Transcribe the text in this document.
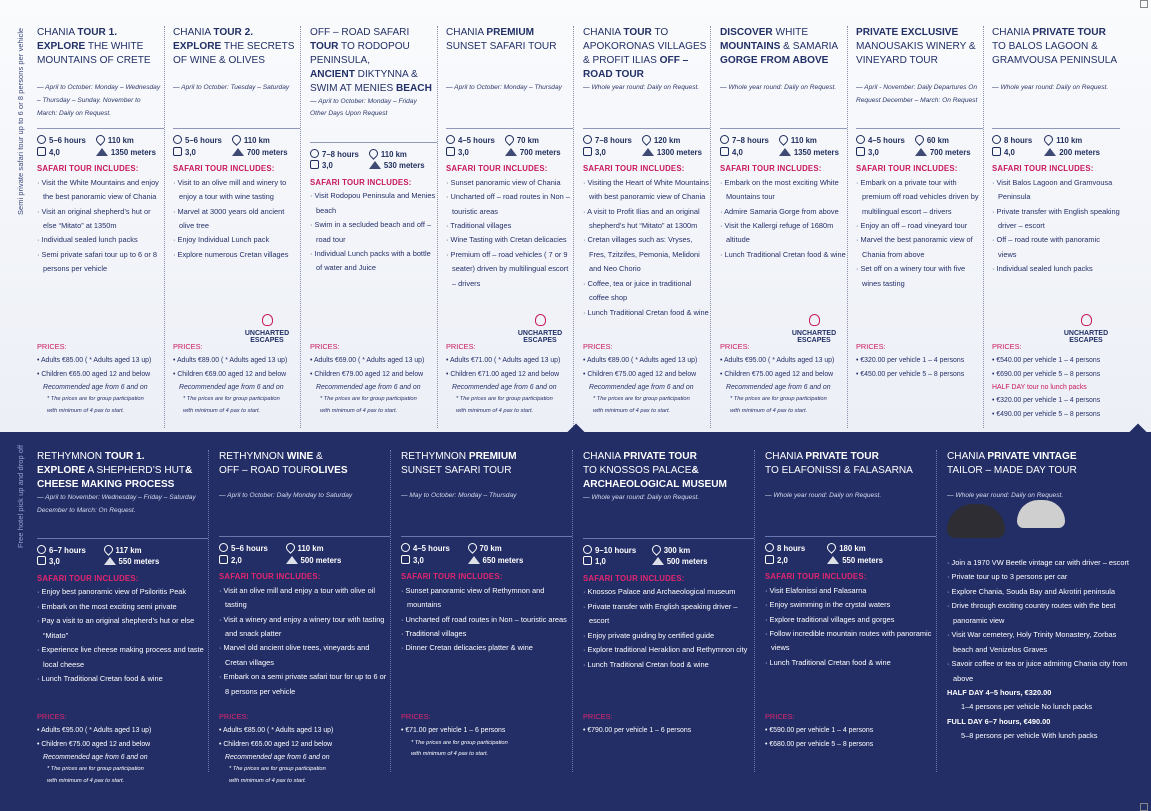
CHANIA TOUR 1.
EXPLORE THE WHITE MOUNTAINS OF CRETE
— April to October: Monday – Wednesday – Thursday – Sunday. November to March: Daily on Request.
5–6 hours	110 km
4,0	1350 meters
SAFARI TOUR INCLUDES:
· Visit the White Mountains and enjoy the best panoramic view of Chania
· Visit an original shepherd’s hut or else “Mitato” at 1350m
· Individual sealed lunch packs
· Semi private safari tour up to 6 or 8 persons per vehicle
PRICES:
• Adults €85.00 ( * Adults aged 13 up)
• Children €65.00 aged 12 and below
Recommended age from 6 and on
* The prices are for group participation
with minimum of 4 pax to start.
CHANIA TOUR 2.
EXPLORE THE SECRETS OF WINE & OLIVES
— April to October: Tuesday – Saturday
5–6 hours	110 km
3,0	700 meters
SAFARI TOUR INCLUDES:
· Visit to an olive mill and winery to enjoy a tour with wine tasting
· Marvel at 3000 years old ancient olive tree
· Enjoy Individual Lunch pack
· Explore numerous Cretan villages
PRICES:
• Adults €89.00 ( * Adults aged 13 up)
• Children €69.00 aged 12 and below
Recommended age from 6 and on
* The prices are for group participation
with minimum of 4 pax to start.
UNCHARTED
ESCAPES
OFF – ROAD SAFARI TOUR TO RODOPOU PENINSULA,
ANCIENT DIKTYNNA & SWIM AT MENIES BEACH
— April to October: Monday – Friday Other Days Upon Request
7–8 hours	110 km
3,0	530 meters
SAFARI TOUR INCLUDES:
· Visit Rodopou Peninsula and Menies beach
· Swim in a secluded beach and off – road tour
· Individual Lunch packs with a bottle of water and Juice
PRICES:
• Adults €69.00 ( * Adults aged 13 up)
• Children €79.00 aged 12 and below
Recommended age from 6 and on
* The prices are for group participation
with minimum of 4 pax to start.
CHANIA PREMIUM
SUNSET SAFARI TOUR
— April to October: Monday – Thursday
4–5 hours	70 km
3,0	700 meters
SAFARI TOUR INCLUDES:
· Sunset panoramic view of Chania
· Uncharted off – road routes in Non – touristic areas
· Traditional villages
· Wine Tasting with Cretan delicacies
· Premium off – road vehicles ( 7 or 9 seater) driven by multilingual escort – drivers
PRICES:
• Adults €71.00 ( * Adults aged 13 up)
• Children €71.00 aged 12 and below
Recommended age from 6 and on
* The prices are for group participation
with minimum of 4 pax to start.
UNCHARTED
ESCAPES
CHANIA TOUR TO
APOKORONAS VILLAGES & PROFIT ILIAS OFF – ROAD TOUR
— Whole year round: Daily on Request.
7–8 hours	120 km
3,0	1300 meters
SAFARI TOUR INCLUDES:
· Visiting the Heart of White Mountains with best panoramic view of Chania
· A visit to Profit Ilias and an original shepherd’s hut “Mitato” at 1300m
· Cretan villages such as: Vryses, Fres, Tzitzifes, Pemonia, Melidoni and Neo Chorio
· Coffee, tea or juice in traditional coffee shop
· Lunch Traditional Cretan food & wine
PRICES:
• Adults €89.00 ( * Adults aged 13 up)
• Children €75.00 aged 12 and below
Recommended age from 6 and on
* The prices are for group participation
with minimum of 4 pax to start.
DISCOVER WHITE
MOUNTAINS & SAMARIA GORGE FROM ABOVE
— Whole year round: Daily on Request.
7–8 hours	110 km
4,0	1350 meters
SAFARI TOUR INCLUDES:
· Embark on the most exciting White Mountains tour
· Admire Samaria Gorge from above
· Visit the Kallergi refuge of 1680m altitude
· Lunch Traditional Cretan food & wine
PRICES:
• Adults €95.00 ( * Adults aged 13 up)
• Children €75.00 aged 12 and below
Recommended age from 6 and on
* The prices are for group participation
with minimum of 4 pax to start.
UNCHARTED
ESCAPES
PRIVATE EXCLUSIVE
MANOUSAKIS WINERY & VINEYARD TOUR
— April - November: Daily Departures On Request December – March: On Request
4–5 hours	60 km
3,0	700 meters
SAFARI TOUR INCLUDES:
· Embark on a private tour with premium off road vehicles driven by multilingual escort – drivers
· Enjoy an off – road vineyard tour
· Marvel the best panoramic view of Chania from above
· Set off on a winery tour with five wines tasting
PRICES:
• €320.00 per vehicle 1 – 4 persons
• €450.00 per vehicle 5 – 8 persons
CHANIA PRIVATE TOUR
TO BALOS LAGOON & GRAMVOUSA PENINSULA
— Whole year round: Daily on Request.
8 hours	110 km
4,0	200 meters
SAFARI TOUR INCLUDES:
· Visit Balos Lagoon and Gramvousa Peninsula
· Private transfer with English speaking driver – escort
· Off – road route with panoramic views
· Individual sealed lunch packs
PRICES:
• €540.00 per vehicle 1 – 4 persons
• €690.00 per vehicle 5 – 8 persons
HALF DAY tour no lunch packs
• €320.00 per vehicle 1 – 4 persons
• €490.00 per vehicle 5 – 8 persons
UNCHARTED
ESCAPES
RETHYMNON TOUR 1.
EXPLORE A SHEPHERD’S HUT& CHEESE MAKING PROCESS
— April to November: Wednesday – Friday – Saturday December to March: On Request.
6–7 hours	117 km
3,0	550 meters
SAFARI TOUR INCLUDES:
· Enjoy best panoramic view of Psiloritis Peak
· Embark on the most exciting semi private
· Pay a visit to an original shepherd’s hut or else “Mitato”
· Experience live cheese making process and taste local cheese
· Lunch Traditional Cretan food & wine
PRICES:
• Adults €95.00 ( * Adults aged 13 up)
• Children €75.00 aged 12 and below
Recommended age from 6 and on
* The prices are for group participation
with minimum of 4 pax to start.
RETHYMNON WINE &
OFF – ROAD TOUROLIVES
— April to October: Daily Monday to Saturday
5–6 hours	110 km
2,0	500 meters
SAFARI TOUR INCLUDES:
· Visit an olive mill and enjoy a tour with olive oil tasting
· Visit a winery and enjoy a winery tour with tasting and snack platter
· Marvel old ancient olive trees, vineyards and Cretan villages
· Embark on a semi private safari tour for up to 6 or 8 persons per vehicle
PRICES:
• Adults €85.00 ( * Adults aged 13 up)
• Children €65.00 aged 12 and below
Recommended age from 6 and on
* The prices are for group participation
with minimum of 4 pax to start.
RETHYMNON PREMIUM
SUNSET SAFARI TOUR
— May to October: Monday – Thursday
4–5 hours	70 km
3,0	650 meters
SAFARI TOUR INCLUDES:
· Sunset panoramic view of Rethymnon and mountains
· Uncharted off road routes in Non – touristic areas
· Traditional villages
· Dinner Cretan delicacies platter & wine
PRICES:
• €71.00 per vehicle 1 – 6 persons
* The prices are for group participation
with minimum of 4 pax to start.
CHANIA PRIVATE TOUR
TO KNOSSOS PALACE& ARCHAEOLOGICAL MUSEUM
— Whole year round: Daily on Request.
9–10 hours	300 km
1,0	500 meters
SAFARI TOUR INCLUDES:
· Knossos Palace and Archaeological museum
· Private transfer with English speaking driver – escort
· Enjoy private guiding by certified guide
· Explore traditional Heraklion and Rethymnon city
· Lunch Traditional Cretan food & wine
PRICES:
• €790.00 per vehicle 1 – 6 persons
CHANIA PRIVATE TOUR
TO ELAFONISSI & FALASARNA
— Whole year round: Daily on Request.
8 hours	180 km
2,0	550 meters
SAFARI TOUR INCLUDES:
· Visit Elafonissi and Falasarna
· Enjoy swimming in the crystal waters
· Explore traditional villages and gorges
· Follow incredible mountain routes with panoramic views
· Lunch Traditional Cretan food & wine
PRICES:
• €590.00 per vehicle 1 – 4 persons
• €680.00 per vehicle 5 – 8 persons
CHANIA PRIVATE VINTAGE
TAILOR – MADE DAY TOUR
— Whole year round: Daily on Request.
· Join a 1970 VW Beetle vintage car with driver – escort
· Private tour up to 3 persons per car
· Explore Chania, Souda Bay and Akrotiri peninsula
· Drive through exciting country routes with the best panoramic view
· Visit War cemetery, Holy Trinity Monastery, Zorbas beach and Venizelos Graves
· Savoir coffee or tea or juice admiring Chania city from above
HALF DAY 4–5 hours, €320.00
1–4 persons per vehicle No lunch packs
FULL DAY 6–7 hours, €490.00
5–8 persons per vehicle With lunch packs
Semi private safari tour up to 6 or 8 persons per vehicle
Free hotel pick up and drop off
